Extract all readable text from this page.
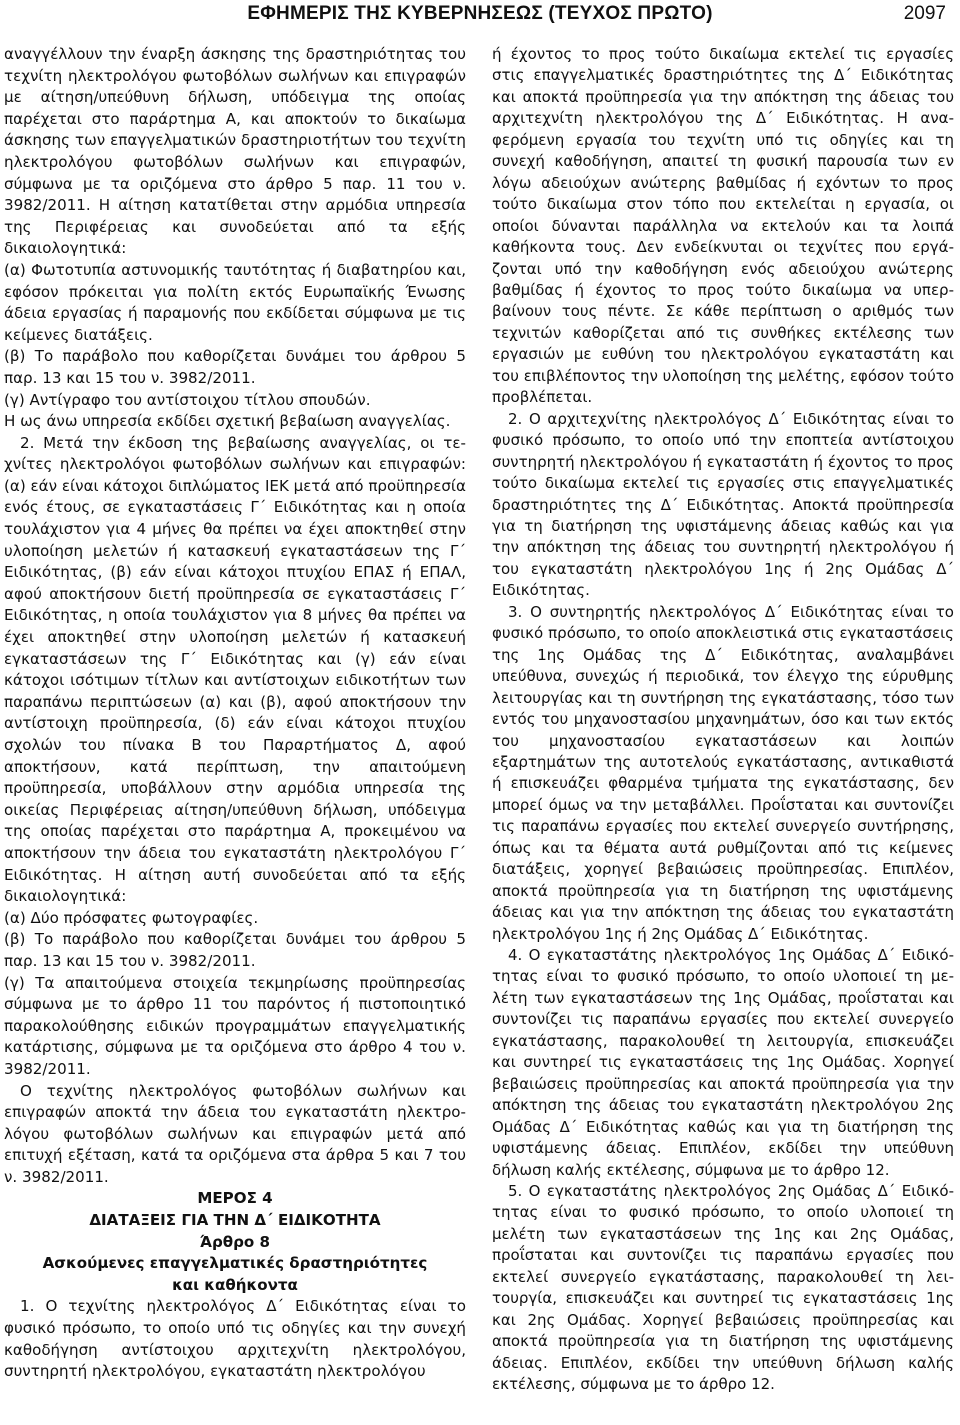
ΕΦΗΜΕΡΙΣ ΤΗΣ ΚΥΒΕΡΝΗΣΕΩΣ (ΤΕΥΧΟΣ ΠΡΩΤΟ)	2097

αναγγέλλουν την έναρξη άσκησης της δραστηριότητας του τεχνίτη ηλεκτρολόγου φωτοβόλων σωλήνων και επιγραφών με αίτηση/υπεύθυνη δήλωση, υπόδειγμα της οποίας παρέχεται στο παράρτημα Α, και αποκτούν το δικαίωμα άσκησης των επαγγελματικών δραστηριοτήτων του τεχνίτη ηλεκτρολόγου φωτοβόλων σωλήνων και επιγραφών, σύμφωνα με τα οριζόμενα στο άρθρο 5 παρ. 11 του ν. 3982/2011. Η αίτηση κατατίθεται στην αρμόδια υπηρεσία της Περιφέρειας και συνοδεύεται από τα εξής δικαιολογητικά:

(α) Φωτοτυπία αστυνομικής ταυτότητας ή διαβατηρίου και, εφόσον πρόκειται για πολίτη εκτός Ευρωπαϊκής Ένωσης άδεια εργασίας ή παραμονής που εκδίδεται σύμφωνα με τις κείμενες διατάξεις.

(β) Το παράβολο που καθορίζεται δυνάμει του άρθρου 5 παρ. 13 και 15 του ν. 3982/2011.

(γ) Αντίγραφο του αντίστοιχου τίτλου σπουδών.

Η ως άνω υπηρεσία εκδίδει σχετική βεβαίωση αναγγελίας.

2. Μετά την έκδοση της βεβαίωσης αναγγελίας, οι τεχνίτες ηλεκτρολόγοι φωτοβόλων σωλήνων και επιγραφών: (α) εάν είναι κάτοχοι διπλώματος ΙΕΚ μετά από προϋπηρεσία ενός έτους, σε εγκαταστάσεις Γ΄ Ειδικότητας και η οποία τουλάχιστον για 4 μήνες θα πρέπει να έχει αποκτηθεί στην υλοποίηση μελετών ή κατασκευή εγκαταστάσεων της Γ΄ Ειδικότητας, (β) εάν είναι κάτοχοι πτυχίου ΕΠΑΣ ή ΕΠΑΛ, αφού αποκτήσουν διετή προϋπηρεσία σε εγκαταστάσεις Γ΄ Ειδικότητας, η οποία τουλάχιστον για 8 μήνες θα πρέπει να έχει αποκτηθεί στην υλοποίηση μελετών ή κατασκευή εγκαταστάσεων της Γ΄ Ειδικότητας και (γ) εάν είναι κάτοχοι ισότιμων τίτλων και αντίστοιχων ειδικοτήτων των παραπάνω περιπτώσεων (α) και (β), αφού αποκτήσουν την αντίστοιχη προϋπηρεσία, (δ) εάν είναι κάτοχοι πτυχίου σχολών του πίνακα Β του Παραρτήματος Δ, αφού αποκτήσουν, κατά περίπτωση, την απαιτούμενη προϋπηρεσία, υποβάλλουν στην αρμόδια υπηρεσία της οικείας Περιφέρειας αίτηση/υπεύθυνη δήλωση, υπόδειγμα της οποίας παρέχεται στο παράρτημα Α, προκειμένου να αποκτήσουν την άδεια του εγκαταστάτη ηλεκτρολόγου Γ΄ Ειδικότητας. Η αίτηση αυτή συνοδεύεται από τα εξής δικαιολογητικά:

(α) Δύο πρόσφατες φωτογραφίες.

(β) Το παράβολο που καθορίζεται δυνάμει του άρθρου 5 παρ. 13 και 15 του ν. 3982/2011.

(γ) Τα απαιτούμενα στοιχεία τεκμηρίωσης προϋπηρεσίας σύμφωνα με το άρθρο 11 του παρόντος ή πιστοποιητικό παρακολούθησης ειδικών προγραμμάτων επαγγελματικής κατάρτισης, σύμφωνα με τα οριζόμενα στο άρθρο 4 του ν. 3982/2011.

Ο τεχνίτης ηλεκτρολόγος φωτοβόλων σωλήνων και επιγραφών αποκτά την άδεια του εγκαταστάτη ηλεκτρολόγου φωτοβόλων σωλήνων και επιγραφών μετά από επιτυχή εξέταση, κατά τα οριζόμενα στα άρθρα 5 και 7 του ν. 3982/2011.

ΜΕΡΟΣ 4

ΔΙΑΤΑΞΕΙΣ ΓΙΑ ΤΗΝ Δ΄ ΕΙΔΙΚΟΤΗΤΑ

Άρθρο 8

Ασκούμενες επαγγελματικές δραστηριότητες

και καθήκοντα

1. Ο τεχνίτης ηλεκτρολόγος Δ΄ Ειδικότητας είναι το φυσικό πρόσωπο, το οποίο υπό τις οδηγίες και την συνεχή καθοδήγηση αντίστοιχου αρχιτεχνίτη ηλεκτρολόγου, συντηρητή ηλεκτρολόγου, εγκαταστάτη ηλεκτρολόγου

ή έχοντος το προς τούτο δικαίωμα εκτελεί τις εργασίες στις επαγγελματικές δραστηριότητες της Δ΄ Ειδικότητας και αποκτά προϋπηρεσία για την απόκτηση της άδειας του αρχιτεχνίτη ηλεκτρολόγου της Δ΄ Ειδικότητας. Η αναφερόμενη εργασία του τεχνίτη υπό τις οδηγίες και τη συνεχή καθοδήγηση, απαιτεί τη φυσική παρουσία των εν λόγω αδειούχων ανώτερης βαθμίδας ή εχόντων το προς τούτο δικαίωμα στον τόπο που εκτελείται η εργασία, οι οποίοι δύνανται παράλληλα να εκτελούν και τα λοιπά καθήκοντα τους. Δεν ενδείκνυται οι τεχνίτες που εργάζονται υπό την καθοδήγηση ενός αδειούχου ανώτερης βαθμίδας ή έχοντος το προς τούτο δικαίωμα να υπερβαίνουν τους πέντε. Σε κάθε περίπτωση ο αριθμός των τεχνιτών καθορίζεται από τις συνθήκες εκτέλεσης των εργασιών με ευθύνη του ηλεκτρολόγου εγκαταστάτη και του επιβλέποντος την υλοποίηση της μελέτης, εφόσον τούτο προβλέπεται.

2. Ο αρχιτεχνίτης ηλεκτρολόγος Δ΄ Ειδικότητας είναι το φυσικό πρόσωπο, το οποίο υπό την εποπτεία αντίστοιχου συντηρητή ηλεκτρολόγου ή εγκαταστάτη ή έχοντος το προς τούτο δικαίωμα εκτελεί τις εργασίες στις επαγγελματικές δραστηριότητες της Δ΄ Ειδικότητας. Αποκτά προϋπηρεσία για τη διατήρηση της υφιστάμενης άδειας καθώς και για την απόκτηση της άδειας του συντηρητή ηλεκτρολόγου ή του εγκαταστάτη ηλεκτρολόγου 1ης ή 2ης Ομάδας Δ΄ Ειδικότητας.

3. Ο συντηρητής ηλεκτρολόγος Δ΄ Ειδικότητας είναι το φυσικό πρόσωπο, το οποίο αποκλειστικά στις εγκαταστάσεις της 1ης Ομάδας της Δ΄ Ειδικότητας, αναλαμβάνει υπεύθυνα, συνεχώς ή περιοδικά, τον έλεγχο της εύρυθμης λειτουργίας και τη συντήρηση της εγκατάστασης, τόσο των εντός του μηχανοστασίου μηχανημάτων, όσο και των εκτός του μηχανοστασίου εγκαταστάσεων και λοιπών εξαρτημάτων της αυτοτελούς εγκατάστασης, αντικαθιστά ή επισκευάζει φθαρμένα τμήματα της εγκατάστασης, δεν μπορεί όμως να την μεταβάλλει. Προΐσταται και συντονίζει τις παραπάνω εργασίες που εκτελεί συνεργείο συντήρησης, όπως και τα θέματα αυτά ρυθμίζονται από τις κείμενες διατάξεις, χορηγεί βεβαιώσεις προϋπηρεσίας. Επιπλέον, αποκτά προϋπηρεσία για τη διατήρηση της υφιστάμενης άδειας και για την απόκτηση της άδειας του εγκαταστάτη ηλεκτρολόγου 1ης ή 2ης Ομάδας Δ΄ Ειδικότητας.

4. Ο εγκαταστάτης ηλεκτρολόγος 1ης Ομάδας Δ΄ Ειδικότητας είναι το φυσικό πρόσωπο, το οποίο υλοποιεί τη μελέτη των εγκαταστάσεων της 1ης Ομάδας, προΐσταται και συντονίζει τις παραπάνω εργασίες που εκτελεί συνεργείο εγκατάστασης, παρακολουθεί τη λειτουργία, επισκευάζει και συντηρεί τις εγκαταστάσεις της 1ης Ομάδας. Χορηγεί βεβαιώσεις προϋπηρεσίας και αποκτά προϋπηρεσία για την απόκτηση της άδειας του εγκαταστάτη ηλεκτρολόγου 2ης Ομάδας Δ΄ Ειδικότητας καθώς και για τη διατήρηση της υφιστάμενης άδειας. Επιπλέον, εκδίδει την υπεύθυνη δήλωση καλής εκτέλεσης, σύμφωνα με το άρθρο 12.

5. Ο εγκαταστάτης ηλεκτρολόγος 2ης Ομάδας Δ΄ Ειδικότητας είναι το φυσικό πρόσωπο, το οποίο υλοποιεί τη μελέτη των εγκαταστάσεων της 1ης και 2ης Ομάδας, προΐσταται και συντονίζει τις παραπάνω εργασίες που εκτελεί συνεργείο εγκατάστασης, παρακολουθεί τη λειτουργία, επισκευάζει και συντηρεί τις εγκαταστάσεις 1ης και 2ης Ομάδας. Χορηγεί βεβαιώσεις προϋπηρεσίας και αποκτά προϋπηρεσία για τη διατήρηση της υφιστάμενης άδειας. Επιπλέον, εκδίδει την υπεύθυνη δήλωση καλής εκτέλεσης, σύμφωνα με το άρθρο 12.
